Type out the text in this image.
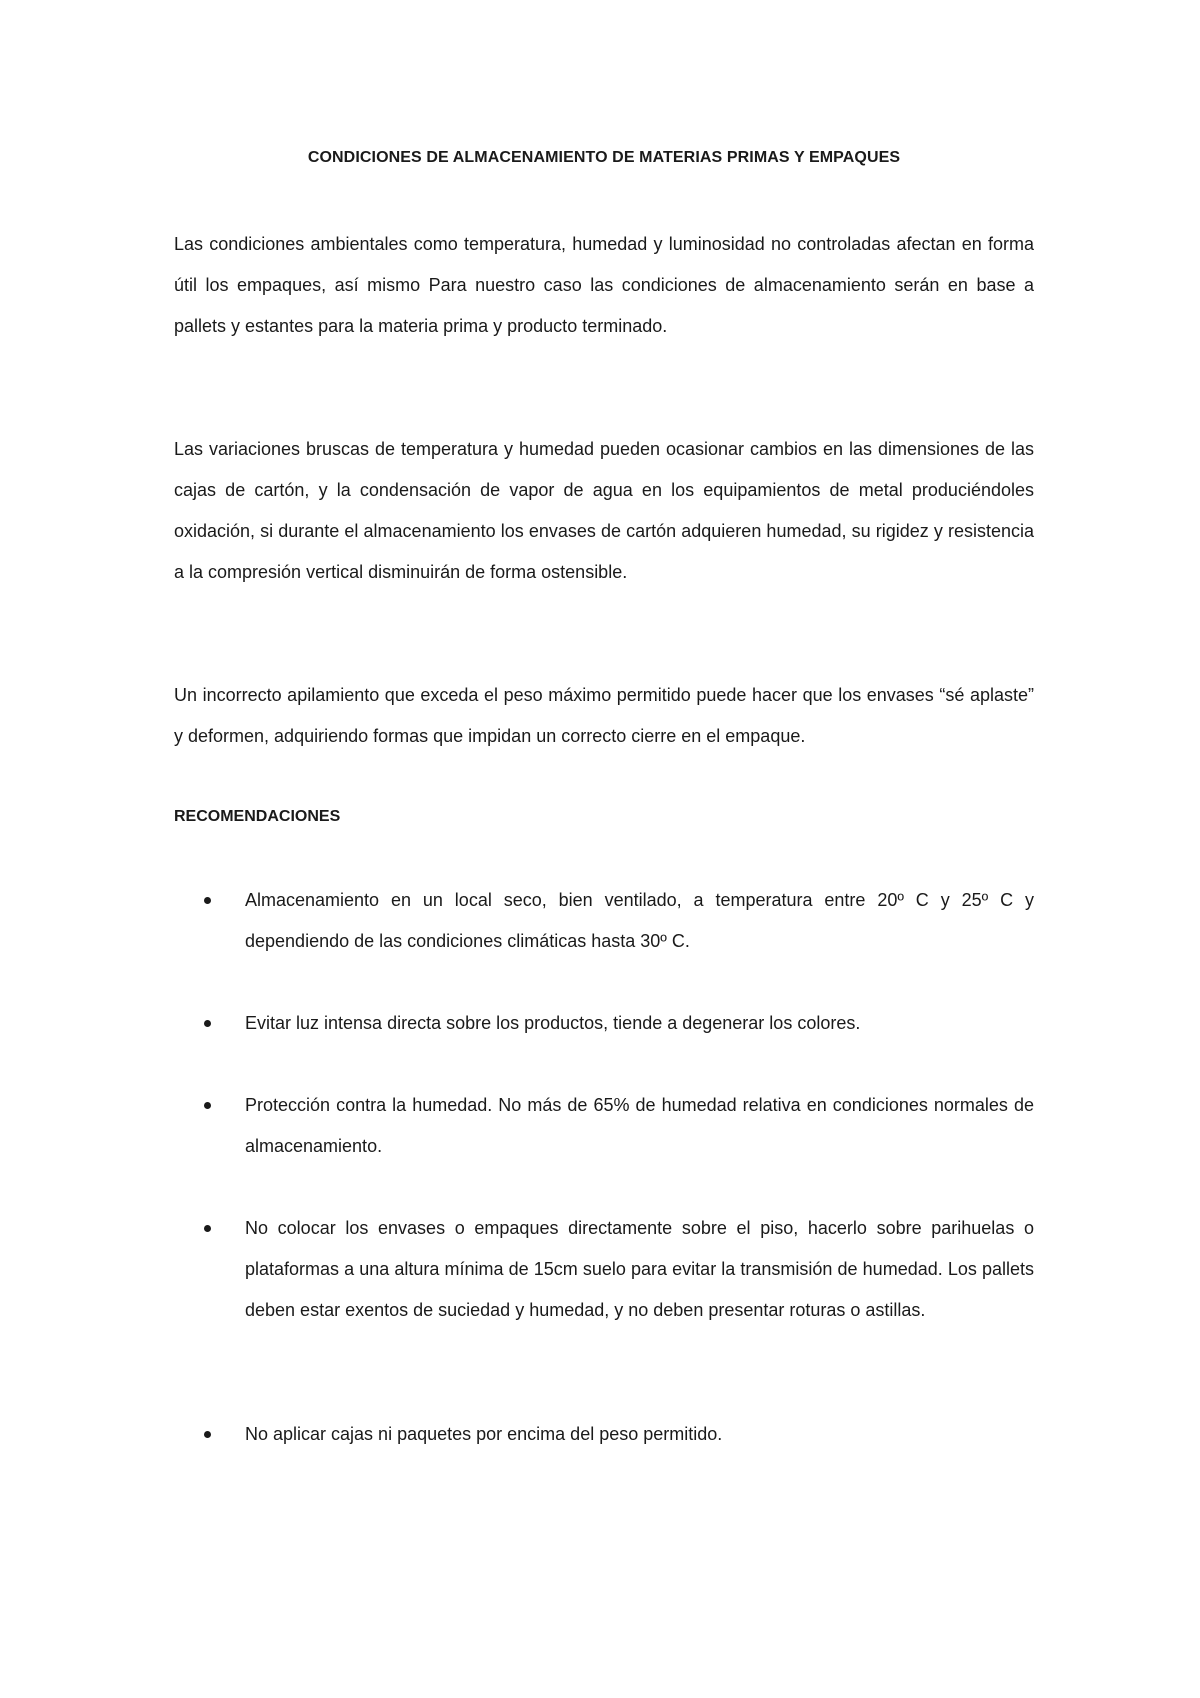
CONDICIONES DE ALMACENAMIENTO DE MATERIAS PRIMAS Y EMPAQUES

Las condiciones ambientales como temperatura, humedad y luminosidad no controladas afectan en forma útil los empaques, así mismo Para nuestro caso las condiciones de almacenamiento serán en base a pallets y estantes para la materia prima y producto terminado.

Las variaciones bruscas de temperatura y humedad pueden ocasionar cambios en las dimensiones de las cajas de cartón, y la condensación de vapor de agua en los equipamientos de metal produciéndoles oxidación, si durante el almacenamiento los envases de cartón adquieren humedad, su rigidez y resistencia a la compresión vertical disminuirán de forma ostensible.

Un incorrecto apilamiento que exceda el peso máximo permitido puede hacer que los envases “sé aplaste” y deformen, adquiriendo formas que impidan un correcto cierre en el empaque.

RECOMENDACIONES
Almacenamiento en un local seco, bien ventilado, a temperatura entre 20º C y 25º C y dependiendo de las condiciones climáticas hasta 30º C.
Evitar luz intensa directa sobre los productos, tiende a degenerar los colores.
Protección contra la humedad. No más de 65% de humedad relativa en condiciones normales de almacenamiento.
No colocar los envases o empaques directamente sobre el piso, hacerlo sobre parihuelas o plataformas a una altura mínima de 15cm suelo para evitar la transmisión de humedad. Los pallets deben estar exentos de suciedad y humedad, y no deben presentar roturas o astillas.
No aplicar cajas ni paquetes por encima del peso permitido.
